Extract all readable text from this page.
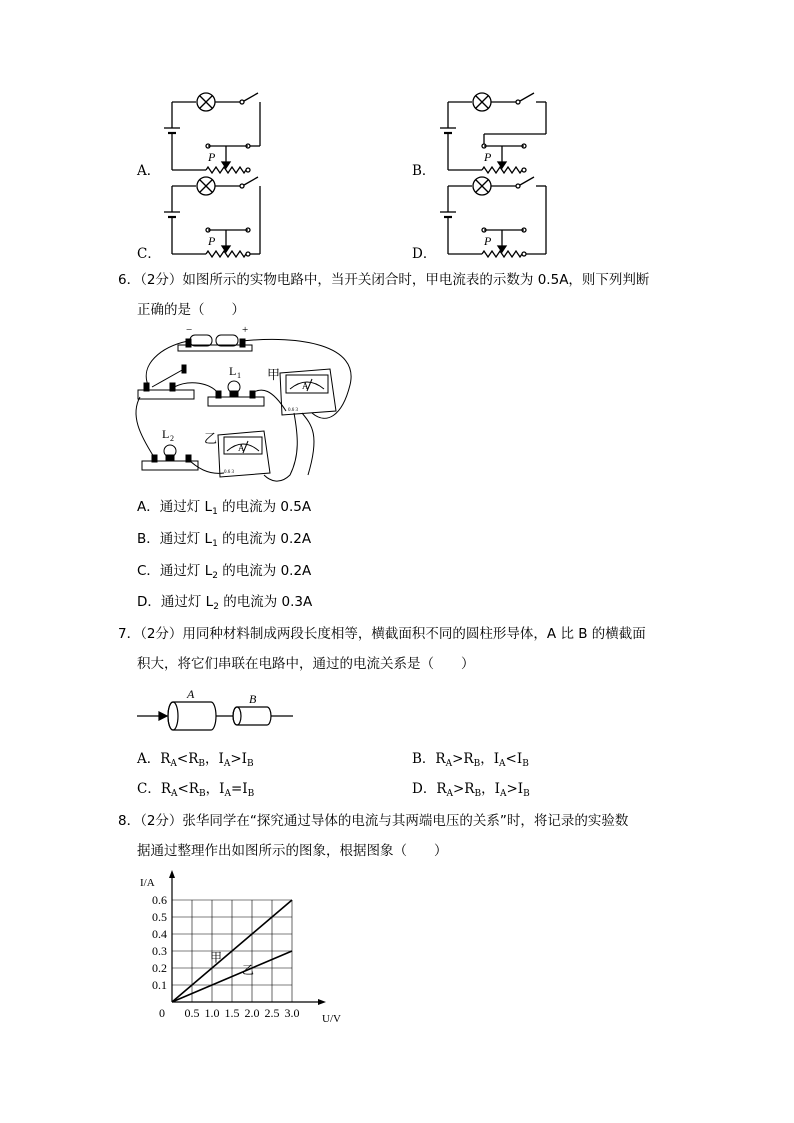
P	P
P	P
A．	B．
C．	D．
6．（2分）如图所示的实物电路中，当开关闭合时，甲电流表的示数为 0.5A，则下列判断
正确的是（　　）
−	+
L 1
A
0.6 3
甲
L 2
A
0.6 3
乙
A．通过灯 $L_1$ 的电流为 0.5A
B．通过灯 $L_1$ 的电流为 0.2A
C．通过灯 $L_2$ 的电流为 0.2A
D．通过灯 $L_2$ 的电流为 0.3A
7．（2分）用同种材料制成两段长度相等，横截面积不同的圆柱形导体，A 比 B 的横截面
积大，将它们串联在电路中，通过的电流关系是（　　）
A	B
A．$R_A<R_B$，$I_A>I_B$	B．$R_A>R_B$，$I_A<I_B$
C．$R_A<R_B$，$I_A=I_B$	D．$R_A>R_B$，$I_A>I_B$
8．（2分）张华同学在“探究通过导体的电流与其两端电压的关系”时，将记录的实验数
据通过整理作出如图所示的图象，根据图象（　　）
0.5 1.0 1.5 2.0 2.5 3.0
0.1
0.2
0.3
0.4
0.5
0.6
0	U/V
I/A
甲
乙
